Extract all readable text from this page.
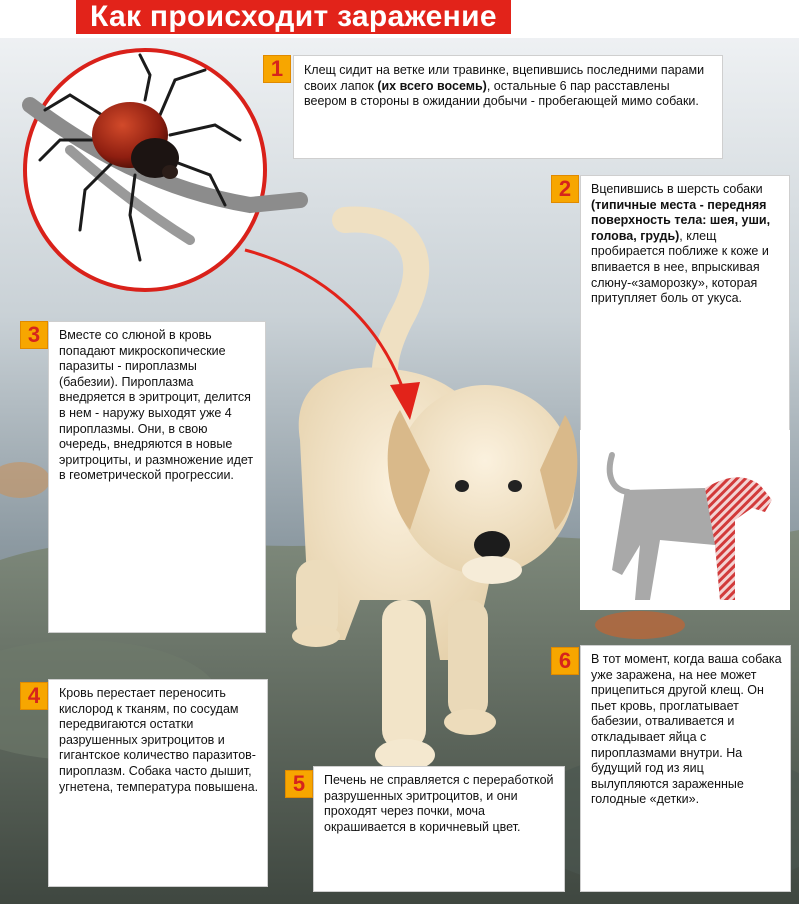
Как происходит заражение
1	Клещ сидит на ветке или травинке, вцепившись последними парами своих лапок (их всего восемь), остальные 6 пар расставлены веером в стороны в ожидании добычи - пробегающей мимо собаки.
2	Вцепившись в шерсть собаки (типичные места - передняя поверхность тела: шея, уши, голова, грудь), клещ пробирается поближе к коже и впивается в нее, впрыскивая слюну-«заморозку», которая притупляет боль от укуса.
3	Вместе со слюной в кровь попадают микроскопические паразиты - пироплазмы (бабезии). Пироплазма внедряется в эритроцит, делится в нем - наружу выходят уже 4 пироплазмы. Они, в свою очередь, внедряются в новые эритроциты, и размножение идет в геометрической прогрессии.
4	Кровь перестает переносить кислород к тканям, по сосудам передвигаются остатки разрушенных эритроцитов и гигантское количество паразитов-пироплазм. Собака часто дышит, угнетена, температура повышена.	5	Печень не справляется с переработкой разрушенных эритроцитов, и они проходят через почки, моча окрашивается в коричневый цвет.
6	В тот момент, когда ваша собака уже заражена, на нее может прицепиться другой клещ. Он пьет кровь, проглатывает бабезии, отваливается и откладывает яйца с пироплазмами внутри. На будущий год из яиц вылупляются зараженные голодные «детки».
